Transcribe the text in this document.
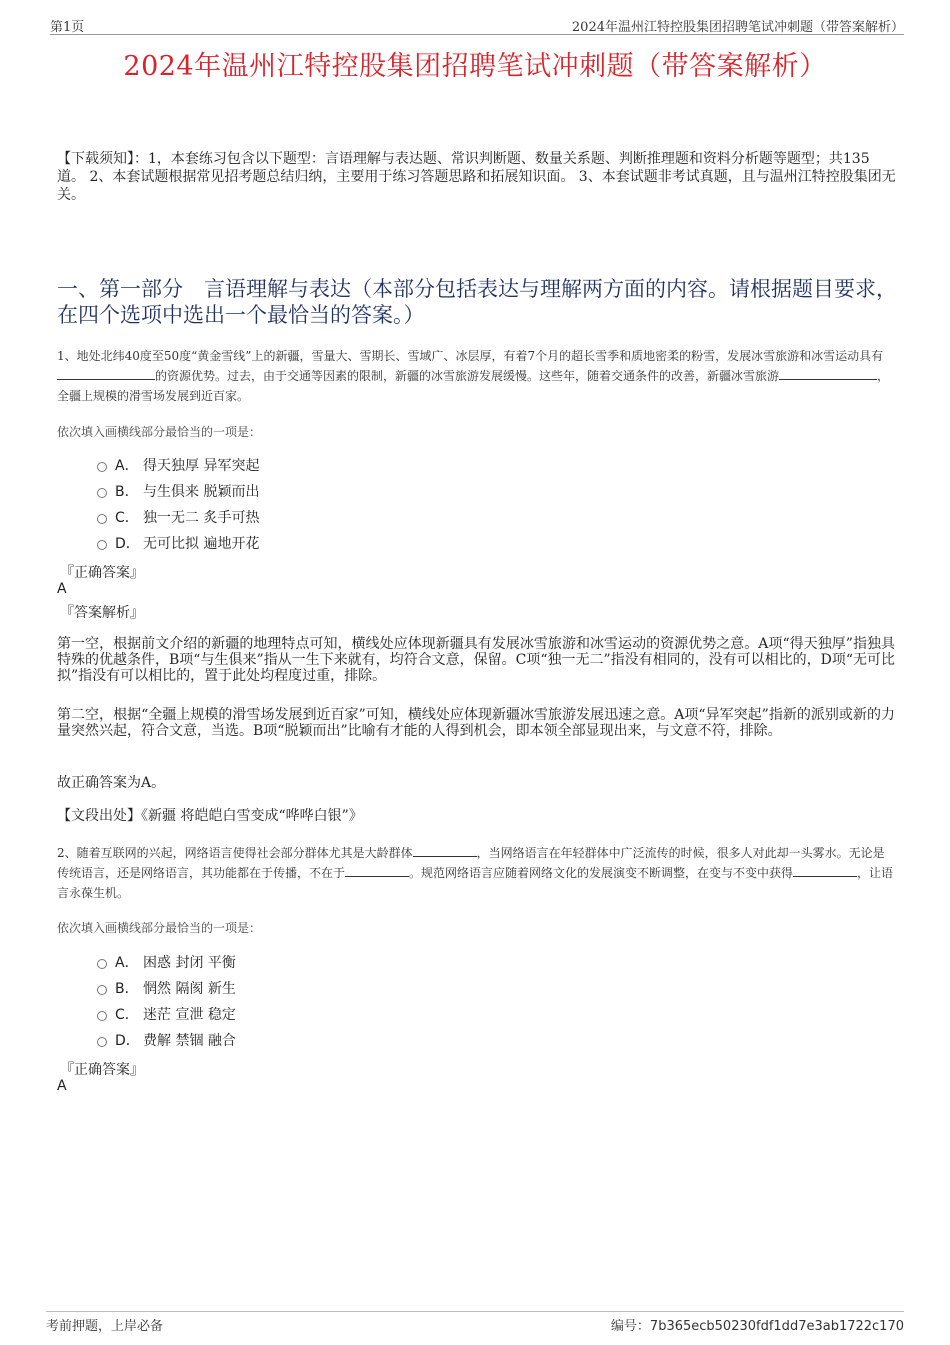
第1页	2024年温州江特控股集团招聘笔试冲刺题（带答案解析）
2024年温州江特控股集团招聘笔试冲刺题（带答案解析）
【下载须知】：1，本套练习包含以下题型：言语理解与表达题、常识判断题、数量关系题、判断推理题和资料分析题等题型；共135道。 2、本套试题根据常见招考题总结归纳，主要用于练习答题思路和拓展知识面。 3、本套试题非考试真题，且与温州江特控股集团无关。
一、第一部分　言语理解与表达（本部分包括表达与理解两方面的内容。请根据题目要求，在四个选项中选出一个最恰当的答案。）
1、地处北纬40度至50度“黄金雪线”上的新疆，雪量大、雪期长、雪域广、冰层厚，有着7个月的超长雪季和质地密柔的粉雪，发展冰雪旅游和冰雪运动具有的资源优势。过去，由于交通等因素的限制，新疆的冰雪旅游发展缓慢。这些年，随着交通条件的改善，新疆冰雪旅游	，全疆上规模的滑雪场发展到近百家。
依次填入画横线部分最恰当的一项是：
A． 得天独厚 异军突起
B． 与生俱来 脱颖而出
C． 独一无二 炙手可热
D． 无可比拟 遍地开花
『正确答案』
A
『答案解析』
第一空，根据前文介绍的新疆的地理特点可知，横线处应体现新疆具有发展冰雪旅游和冰雪运动的资源优势之意。A项“得天独厚”指独具特殊的优越条件，B项“与生俱来”指从一生下来就有，均符合文意，保留。C项“独一无二”指没有相同的，没有可以相比的，D项“无可比拟”指没有可以相比的，置于此处均程度过重，排除。
第二空，根据“全疆上规模的滑雪场发展到近百家”可知，横线处应体现新疆冰雪旅游发展迅速之意。A项“异军突起”指新的派别或新的力量突然兴起，符合文意，当选。B项“脱颖而出”比喻有才能的人得到机会，即本领全部显现出来，与文意不符，排除。
故正确答案为A。
【文段出处】《新疆 将皑皑白雪变成“哗哗白银”》
2、随着互联网的兴起，网络语言使得社会部分群体尤其是大龄群体	，当网络语言在年轻群体中广泛流传的时候，很多人对此却一头雾水。无论是传统语言，还是网络语言，其功能都在于传播，不在于	。规范网络语言应随着网络文化的发展演变不断调整，在变与不变中获得	，让语言永葆生机。
依次填入画横线部分最恰当的一项是：
A． 困惑 封闭 平衡
B． 惘然 隔阂 新生
C． 迷茫 宣泄 稳定
D． 费解 禁锢 融合
『正确答案』
A
考前押题，上岸必备	编号：7b365ecb50230fdf1dd7e3ab1722c170
